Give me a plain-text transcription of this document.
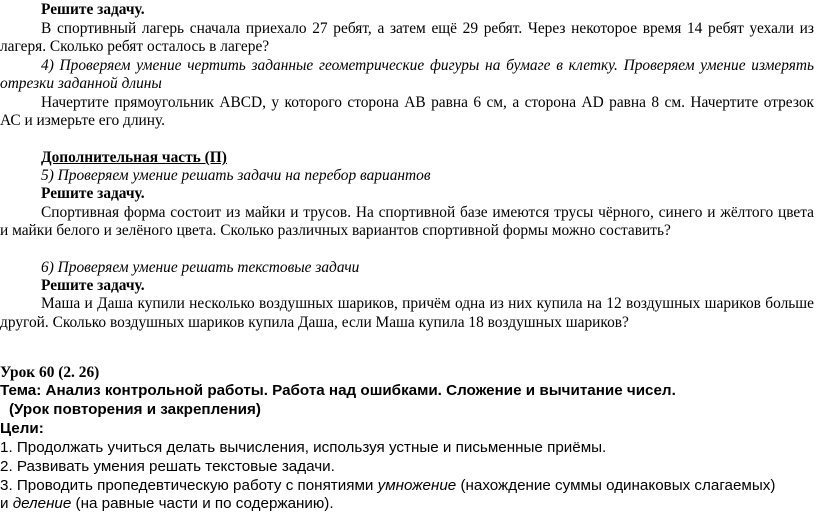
Решите задачу.
В спортивный лагерь сначала приехало 27 ребят, а затем ещё 29 ребят. Через некоторое время 14 ребят уехали из
лагеря. Сколько ребят осталось в лагере?
4) Проверяем умение чертить заданные геометрические фигуры на бумаге в клетку. Проверяем умение измерять
отрезки заданной длины
Начертите прямоугольник ABCD, у которого сторона АВ равна 6 см, а сторона AD равна 8 см. Начертите отрезок
АС и измерьте его длину.
Дополнительная часть (П)
5) Проверяем умение решать задачи на перебор вариантов
Решите задачу.
Спортивная форма состоит из майки и трусов. На спортивной базе имеются трусы чёрного, синего и жёлтого цвета
и майки белого и зелёного цвета. Сколько различных вариантов спортивной формы можно составить?
6) Проверяем умение решать текстовые задачи
Решите задачу.
Маша и Даша купили несколько воздушных шариков, причём одна из них купила на 12 воздушных шариков больше
другой. Сколько воздушных шариков купила Даша, если Маша купила 18 воздушных шариков?
Урок 60 (2. 26)
Тема: Анализ контрольной работы. Работа над ошибками. Сложение и вычитание чисел.
(Урок повторения и закрепления)
Цели:
1. Продолжать учиться делать вычисления, используя устные и письменные приёмы.
2. Развивать умения решать текстовые задачи.
3. Проводить пропедевтическую работу с понятиями умножение (нахождение суммы одинаковых слагаемых)
и деление (на равные части и по содержанию).
